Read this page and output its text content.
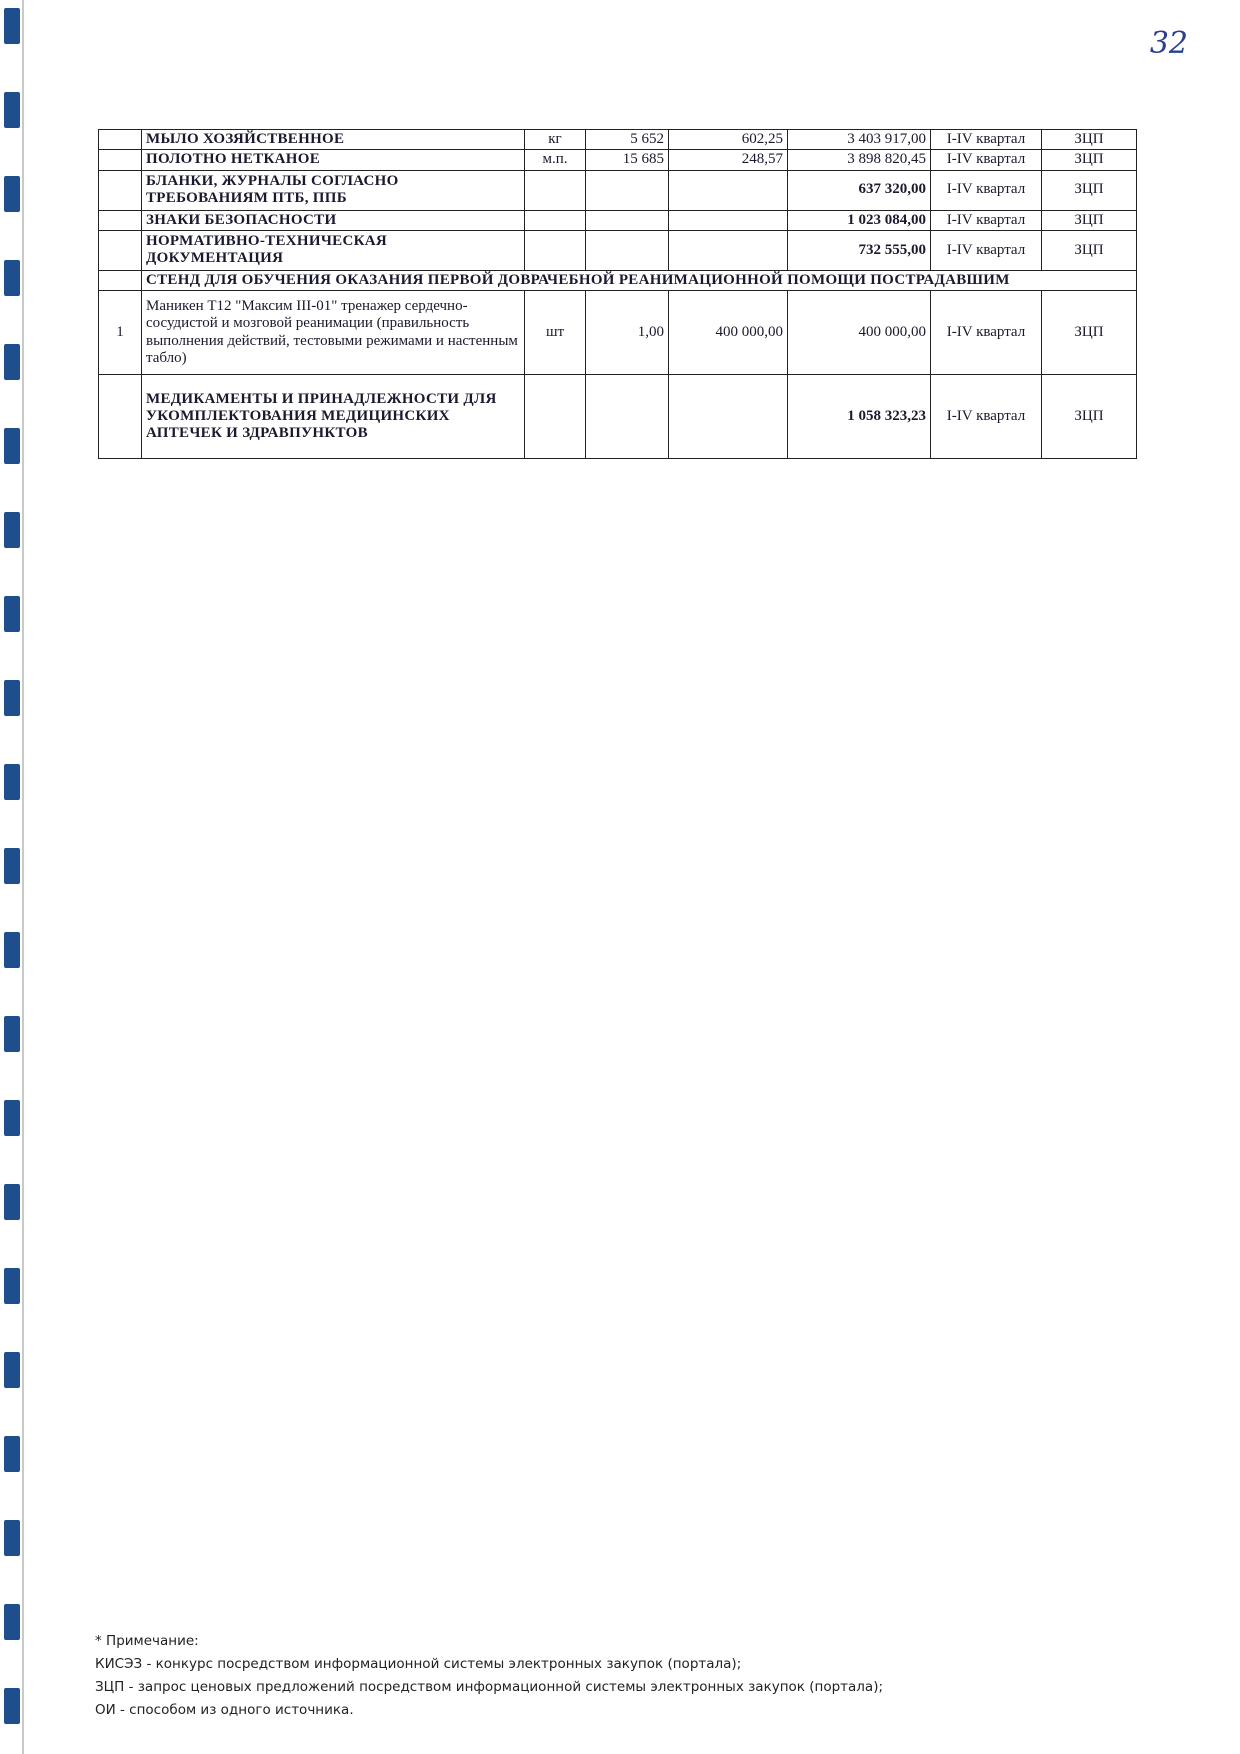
32
	МЫЛО ХОЗЯЙСТВЕННОЕ	кг	5 652	602,25	3 403 917,00	I-IV квартал	ЗЦП
	ПОЛОТНО НЕТКАНОЕ	м.п.	15 685	248,57	3 898 820,45	I-IV квартал	ЗЦП
	БЛАНКИ, ЖУРНАЛЫ СОГЛАСНО ТРЕБОВАНИЯМ ПТБ, ППБ				637 320,00	I-IV квартал	ЗЦП
	ЗНАКИ БЕЗОПАСНОСТИ				1 023 084,00	I-IV квартал	ЗЦП
	НОРМАТИВНО-ТЕХНИЧЕСКАЯ ДОКУМЕНТАЦИЯ				732 555,00	I-IV квартал	ЗЦП
	СТЕНД ДЛЯ ОБУЧЕНИЯ ОКАЗАНИЯ ПЕРВОЙ ДОВРАЧЕБНОЙ РЕАНИМАЦИОННОЙ ПОМОЩИ ПОСТРАДАВШИМ						
1	Маникен Т12 "Максим III-01" тренажер сердечно-сосудистой и мозговой реанимации (правильность выполнения действий, тестовыми режимами и настенным табло)	шт	1,00	400 000,00	400 000,00	I-IV квартал	ЗЦП
	МЕДИКАМЕНТЫ И ПРИНАДЛЕЖНОСТИ ДЛЯ УКОМПЛЕКТОВАНИЯ МЕДИЦИНСКИХ АПТЕЧЕК И ЗДРАВПУНКТОВ				1 058 323,23	I-IV квартал	ЗЦП
* Примечание:
КИСЭЗ - конкурс посредством информационной системы электронных закупок (портала);
ЗЦП - запрос ценовых предложений посредством информационной системы электронных закупок (портала);
ОИ - способом из одного источника.
